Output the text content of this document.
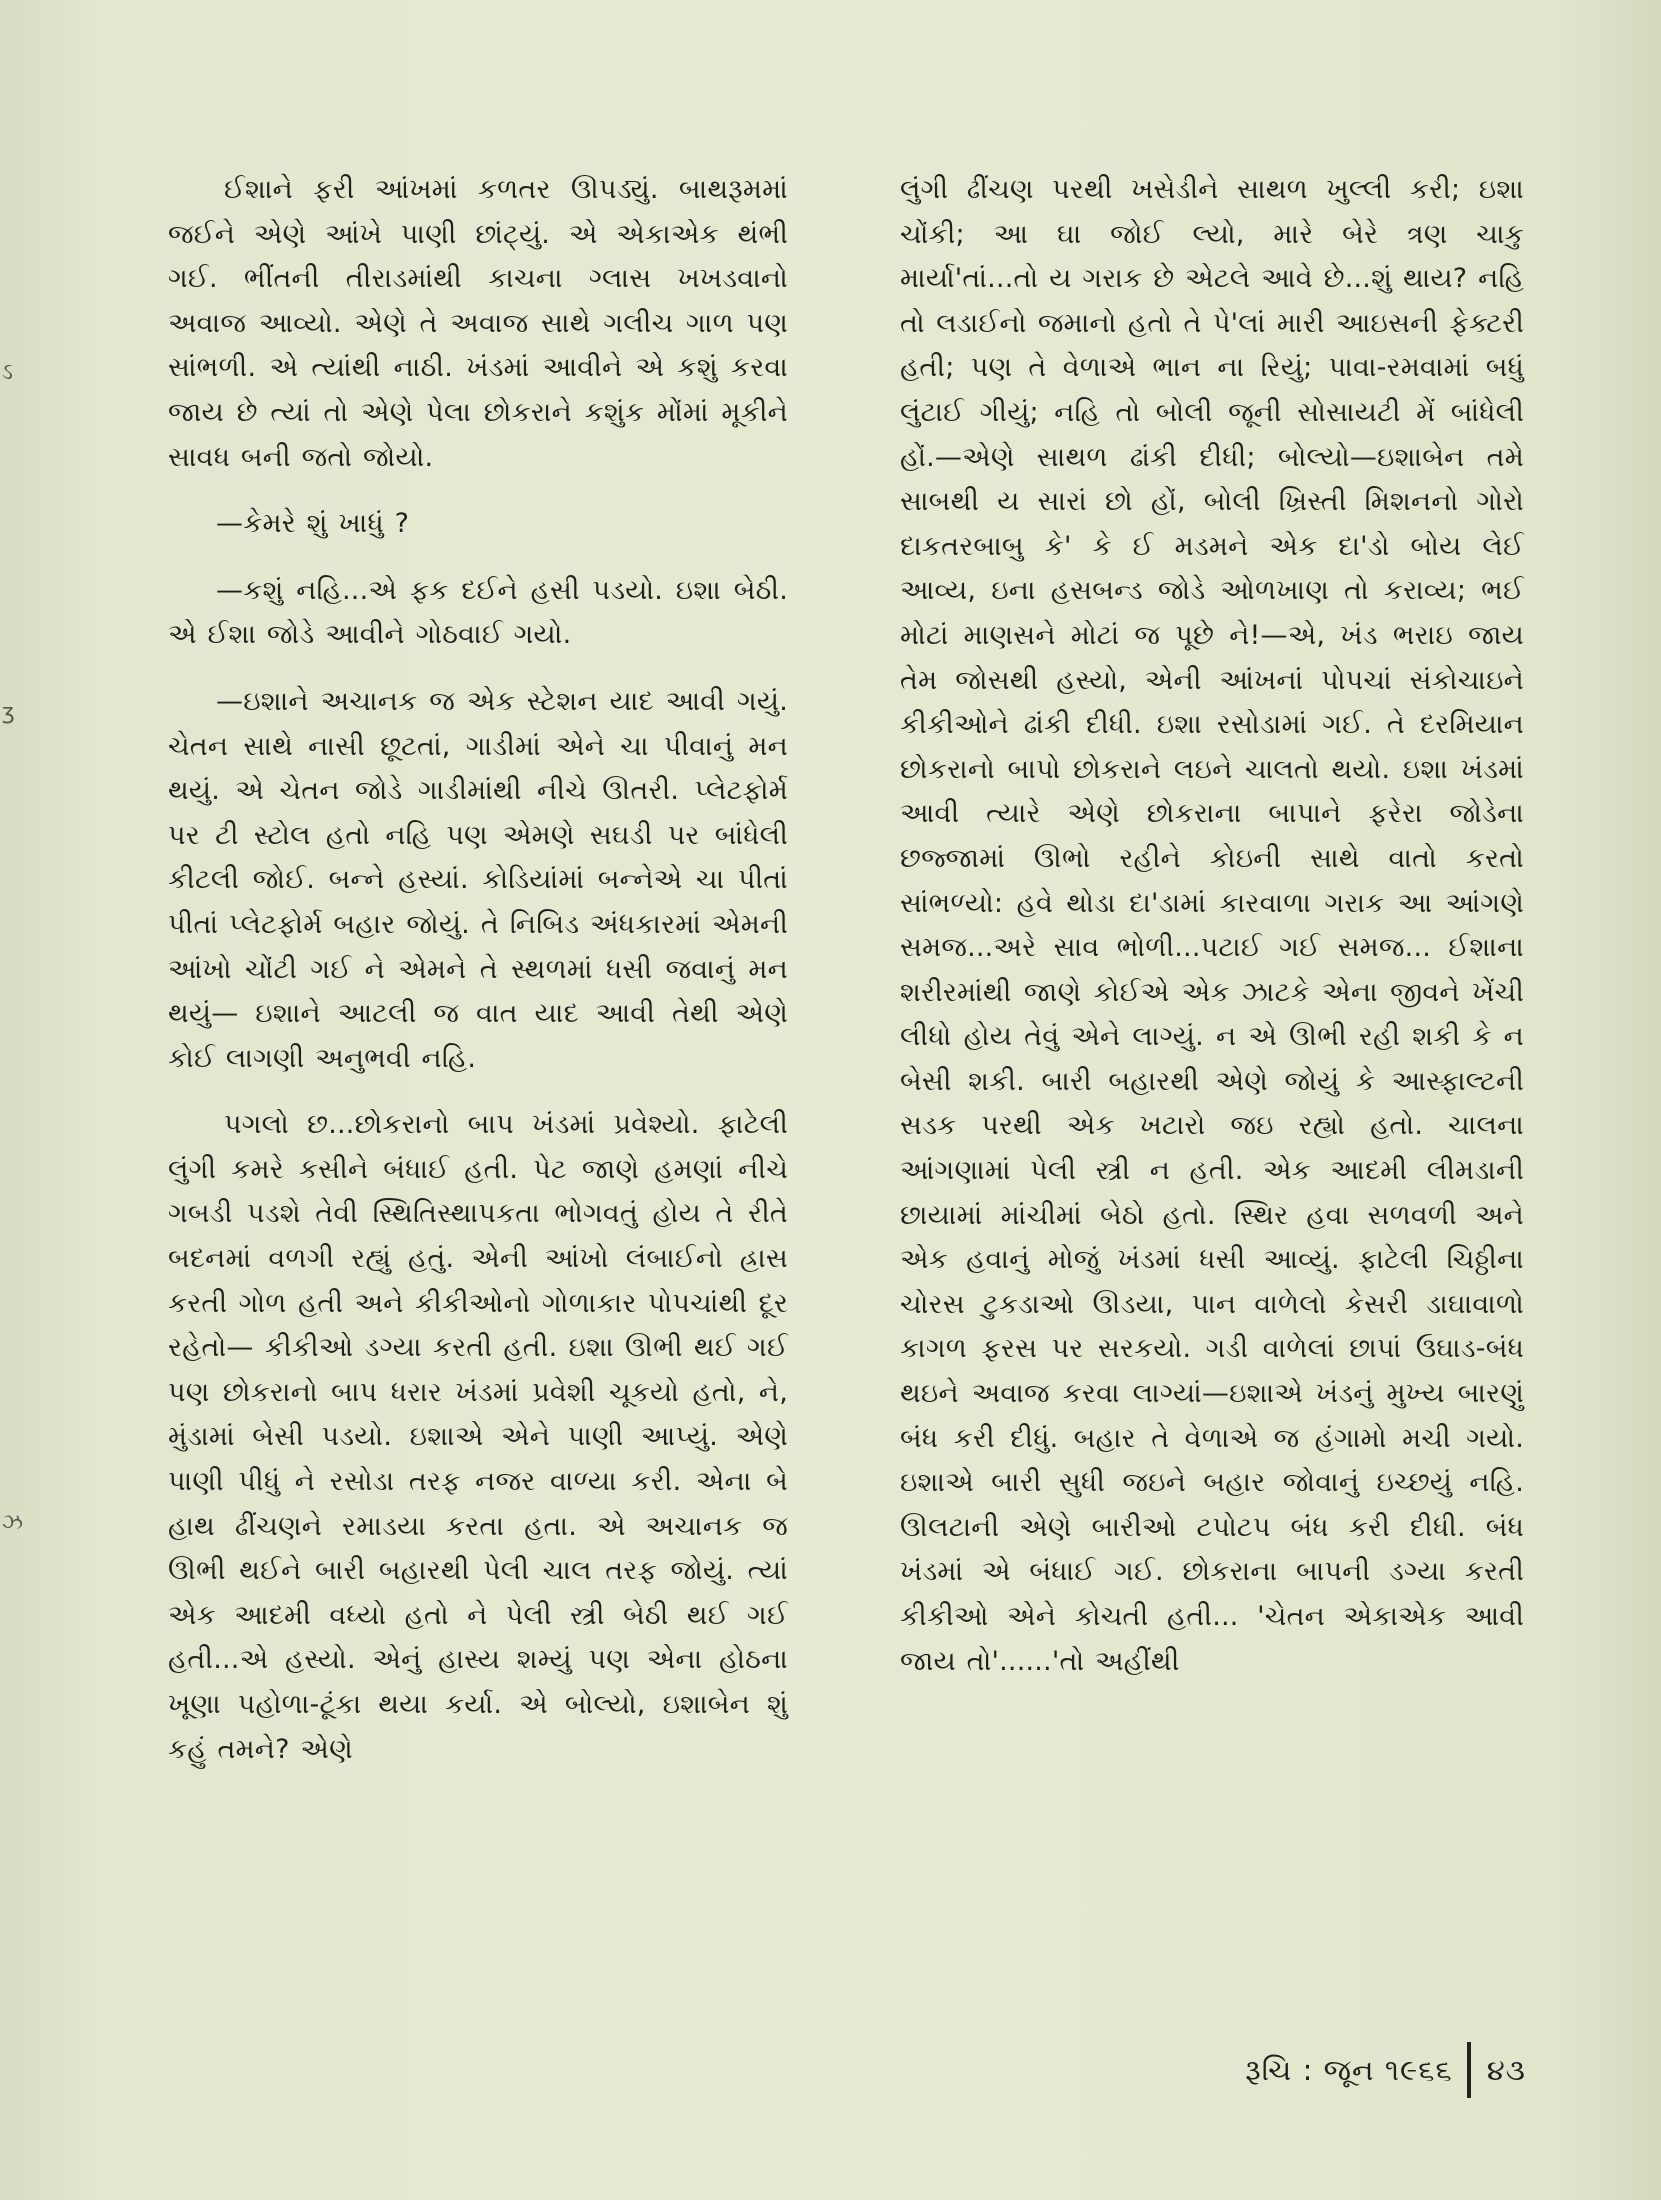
ઽ
ʒ
ઝ

ઈશાને ફરી આંખમાં કળતર ઊપડ્યું. બાથરૂમમાં જઈને એણે આંખે પાણી છાંટ્યું. એ એકાએક થંભી ગઈ. ભીંતની તીરાડમાંથી કાચના ગ્લાસ ખખડવાનો અવાજ આવ્યો. એણે તે અવાજ સાથે ગલીચ ગાળ પણ સાંભળી. એ ત્યાંથી નાઠી. ખંડમાં આવીને એ કશું કરવા જાય છે ત્યાં તો એણે પેલા છોકરાને કશુંક મોંમાં મૂકીને સાવધ બની જતો જોયો.

—કેમરે શું ખાધું ?

—કશું નહિ...એ ફક દઈને હસી પડયો. ઇશા બેઠી. એ ઈશા જોડે આવીને ગોઠવાઈ ગયો.

—ઇશાને અચાનક જ એક સ્ટેશન યાદ આવી ગયું. ચેતન સાથે નાસી છૂટતાં, ગાડીમાં એને ચા પીવાનું મન થયું. એ ચેતન જોડે ગાડીમાંથી નીચે ઊતરી. પ્લેટફોર્મ પર ટી સ્ટોલ હતો નહિ પણ એમણે સઘડી પર બાંધેલી કીટલી જોઈ. બન્ને હસ્યાં. કોડિયાંમાં બન્નેએ ચા પીતાં પીતાં પ્લેટફોર્મ બહાર જોયું. તે નિબિડ અંધકારમાં એમની આંખો ચોંટી ગઈ ને એમને તે સ્થળમાં ધસી જવાનું મન થયું— ઇશાને આટલી જ વાત યાદ આવી તેથી એણે કોઈ લાગણી અનુભવી નહિ.

પગલો છ...છોકરાનો બાપ ખંડમાં પ્રવેશ્યો. ફાટેલી લુંગી કમરે કસીને બંધાઈ હતી. પેટ જાણે હમણાં નીચે ગબડી પડશે તેવી સ્થિતિસ્થાપકતા ભોગવતું હોય તે રીતે બદનમાં વળગી રહ્યું હતું. એની આંખો લંબાઈનો હ્રાસ કરતી ગોળ હતી અને કીકીઓનો ગોળાકાર પોપચાંથી દૂર રહેતો— કીકીઓ ડગ્યા કરતી હતી. ઇશા ઊભી થઈ ગઈ પણ છોકરાનો બાપ ધરાર ખંડમાં પ્રવેશી ચૂકયો હતો, ને, મુંડામાં બેસી પડયો. ઇશાએ એને પાણી આપ્યું. એણે પાણી પીધું ને રસોડા તરફ નજર વાળ્યા કરી. એના બે હાથ ઢીંચણને રમાડયા કરતા હતા. એ અચાનક જ ઊભી થઈને બારી બહારથી પેલી ચાલ તરફ જોયું. ત્યાં એક આદમી વધ્યો હતો ને પેલી સ્ત્રી બેઠી થઈ ગઈ હતી...એ હસ્યો. એનું હાસ્ય શમ્યું પણ એના હોઠના ખૂણા પહોળા-ટૂંકા થયા કર્યા. એ બોલ્યો, ઇશાબેન શું કહું તમને? એણે

લુંગી ઢીંચણ પરથી ખસેડીને સાથળ ખુલ્લી કરી; ઇશા ચોંકી; આ ઘા જોઈ લ્યો, મારે બેરે ત્રણ ચાકુ માર્યા'તાં...તો ય ગરાક છે એટલે આવે છે...શું થાય? નહિ તો લડાઈનો જમાનો હતો તે પે'લાં મારી આઇસની ફેક્ટરી હતી; પણ તે વેળાએ ભાન ના રિયું; પાવા-રમવામાં બધું લુંટાઈ ગીયું; નહિ તો બોલી જૂની સોસાયટી મેં બાંધેલી હોં.—એણે સાથળ ઢાંકી દીધી; બોલ્યો—ઇશાબેન તમે સાબથી ય સારાં છો હોં, બોલી ખ્રિસ્તી મિશનનો ગોરો દાકતરબાબુ કે' કે ઈ મડમને એક દા'ડો બોય લેઈ આવ્ય, ઇના હસબન્ડ જોડે ઓળખાણ તો કરાવ્ય; ભઈ મોટાં માણસને મોટાં જ પૂછે ને!—એ, ખંડ ભરાઇ જાય તેમ જોસથી હસ્યો, એની આંખનાં પોપચાં સંકોચાઇને કીકીઓને ઢાંકી દીધી. ઇશા રસોડામાં ગઈ. તે દરમિયાન છોકરાનો બાપો છોકરાને લઇને ચાલતો થયો. ઇશા ખંડમાં આવી ત્યારે એણે છોકરાના બાપાને ફરેરા જોડેના છજ્જામાં ઊભો રહીને કોઇની સાથે વાતો કરતો સાંભળ્યો: હવે થોડા દા'ડામાં કારવાળા ગરાક આ આંગણે સમજ...અરે સાવ ભોળી...પટાઈ ગઈ સમજ... ઈશાના શરીરમાંથી જાણે કોઈએ એક ઝાટકે એના જીવને ખેંચી લીધો હોય તેવું એને લાગ્યું. ન એ ઊભી રહી શકી કે ન બેસી શકી. બારી બહારથી એણે જોયું કે આસ્ફાલ્ટની સડક પરથી એક ખટારો જઇ રહ્યો હતો. ચાલના આંગણામાં પેલી સ્ત્રી ન હતી. એક આદમી લીમડાની છાયામાં માંચીમાં બેઠો હતો. સ્થિર હવા સળવળી અને એક હવાનું મોજું ખંડમાં ધસી આવ્યું. ફાટેલી ચિઠ્ઠીના ચોરસ ટુકડાઓ ઊડયા, પાન વાળેલો કેસરી ડાઘાવાળો કાગળ ફરસ પર સરકયો. ગડી વાળેલાં છાપાં ઉઘાડ-બંધ થઇને અવાજ કરવા લાગ્યાં—ઇશાએ ખંડનું મુખ્ય બારણું બંધ કરી દીધું. બહાર તે વેળાએ જ હંગામો મચી ગયો. ઇશાએ બારી સુધી જઇને બહાર જોવાનું ઇચ્છયું નહિ. ઊલટાની એણે બારીઓ ટપોટપ બંધ કરી દીધી. બંધ ખંડમાં એ બંધાઈ ગઈ. છોકરાના બાપની ડગ્યા કરતી કીકીઓ એને કોચતી હતી... 'ચેતન એકાએક આવી જાય તો'......'તો અહીંથી

રૂચિ : જૂન ૧૯૬૬ ૪૩
